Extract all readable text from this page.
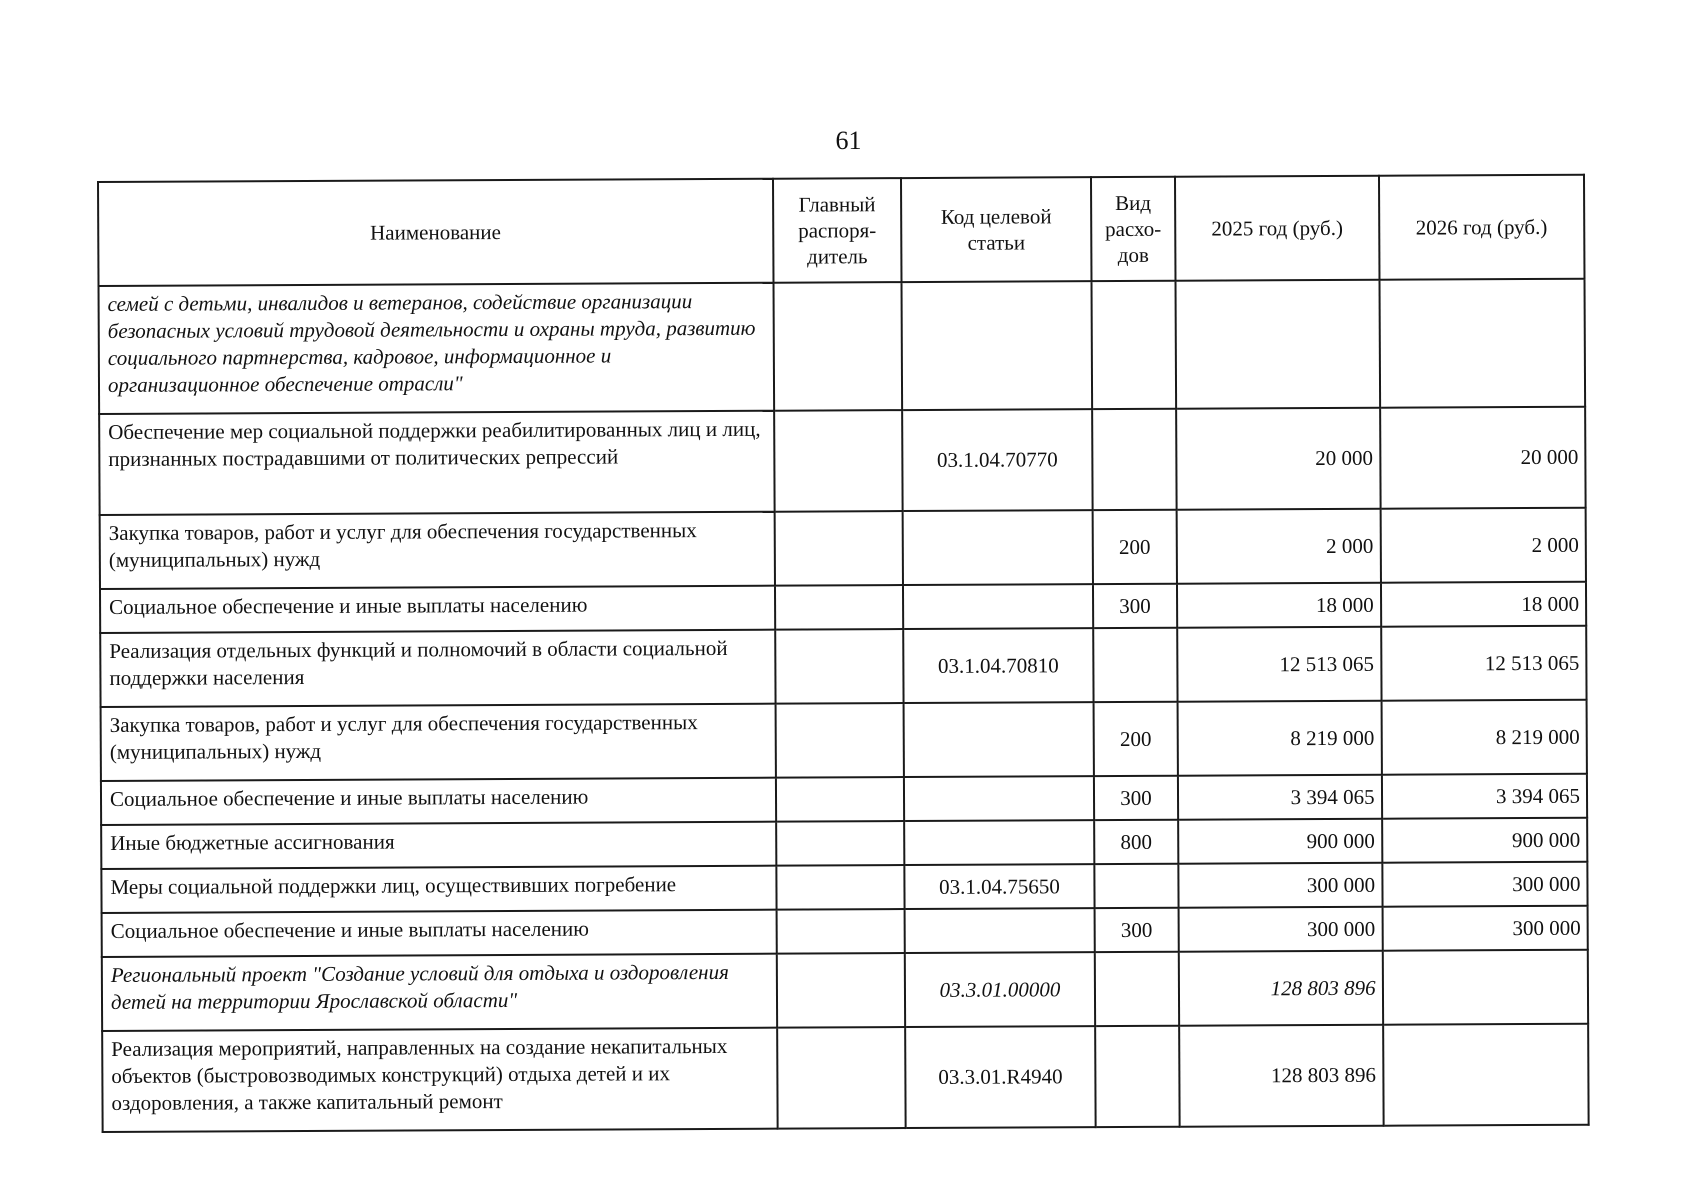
61
Наименование	Главный распоря-дитель	Код целевой статьи	Вид расхо-дов	2025 год (руб.)	2026 год (руб.)
семей с детьми, инвалидов и ветеранов, содействие организации безопасных условий трудовой деятельности и охраны труда, развитию социального партнерства, кадровое, информационное и организационное обеспечение отрасли"					
Обеспечение мер социальной поддержки реабилитированных лиц и лиц, признанных пострадавшими от политических репрессий		03.1.04.70770		20 000	20 000
Закупка товаров, работ и услуг для обеспечения государственных (муниципальных) нужд			200	2 000	2 000
Социальное обеспечение и иные выплаты населению			300	18 000	18 000
Реализация отдельных функций и полномочий в области социальной поддержки населения		03.1.04.70810		12 513 065	12 513 065
Закупка товаров, работ и услуг для обеспечения государственных (муниципальных) нужд			200	8 219 000	8 219 000
Социальное обеспечение и иные выплаты населению			300	3 394 065	3 394 065
Иные бюджетные ассигнования			800	900 000	900 000
Меры социальной поддержки лиц, осуществивших погребение		03.1.04.75650		300 000	300 000
Социальное обеспечение и иные выплаты населению			300	300 000	300 000
Региональный проект "Создание условий для отдыха и оздоровления детей на территории Ярославской области"		03.3.01.00000		128 803 896	
Реализация мероприятий, направленных на создание некапитальных объектов (быстровозводимых конструкций) отдыха детей и их оздоровления, а также капитальный ремонт		03.3.01.R4940		128 803 896	
